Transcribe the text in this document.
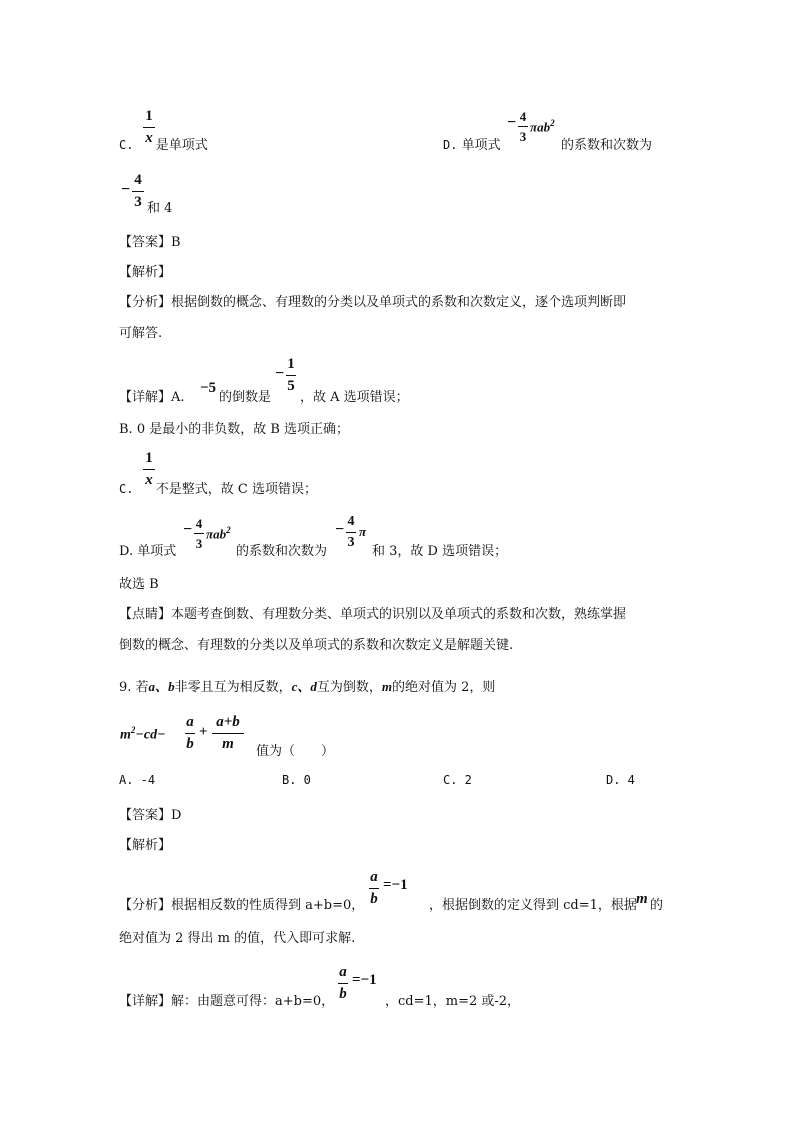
1
x
C. 是单项式	D. 单项式
− 4
3
πab$^2$
的系数和次数为
−
4
3 和 4
【答案】B
【解析】
【分析】根据倒数的概念、有理数的分类以及单项式的系数和次数定义，逐个选项判断即
可解答.
【详解】A.
−5
的倒数是
−
1
5
，故 A 选项错误；
B. 0 是最小的非负数，故 B 选项正确；
1
x
C. 不是整式，故 C 选项错误；
D. 单项式
− 4
3
πab$^2$
的系数和次数为
− 4
3
π
和 3，故 D 选项错误；
故选 B
【点睛】本题考查倒数、有理数分类、单项式的识别以及单项式的系数和次数，熟练掌握
倒数的概念、有理数的分类以及单项式的系数和次数定义是解题关键.
9. 若a、b非零且互为相反数，c、d互为倒数，m的绝对值为 2，则
$m^2-cd-$
a
b
+
a+b
m	值为（　　）
A. -4	B. 0	C. 2	D. 4
【答案】D
【解析】
【分析】根据相反数的性质得到 a+b=0，
a
b
=−1
，根据倒数的定义得到 cd=1，根据 m 的
绝对值为 2 得出 m 的值，代入即可求解.
【详解】解：由题意可得：a+b=0，
a
b
=−1
，cd=1，m=2 或-2，
